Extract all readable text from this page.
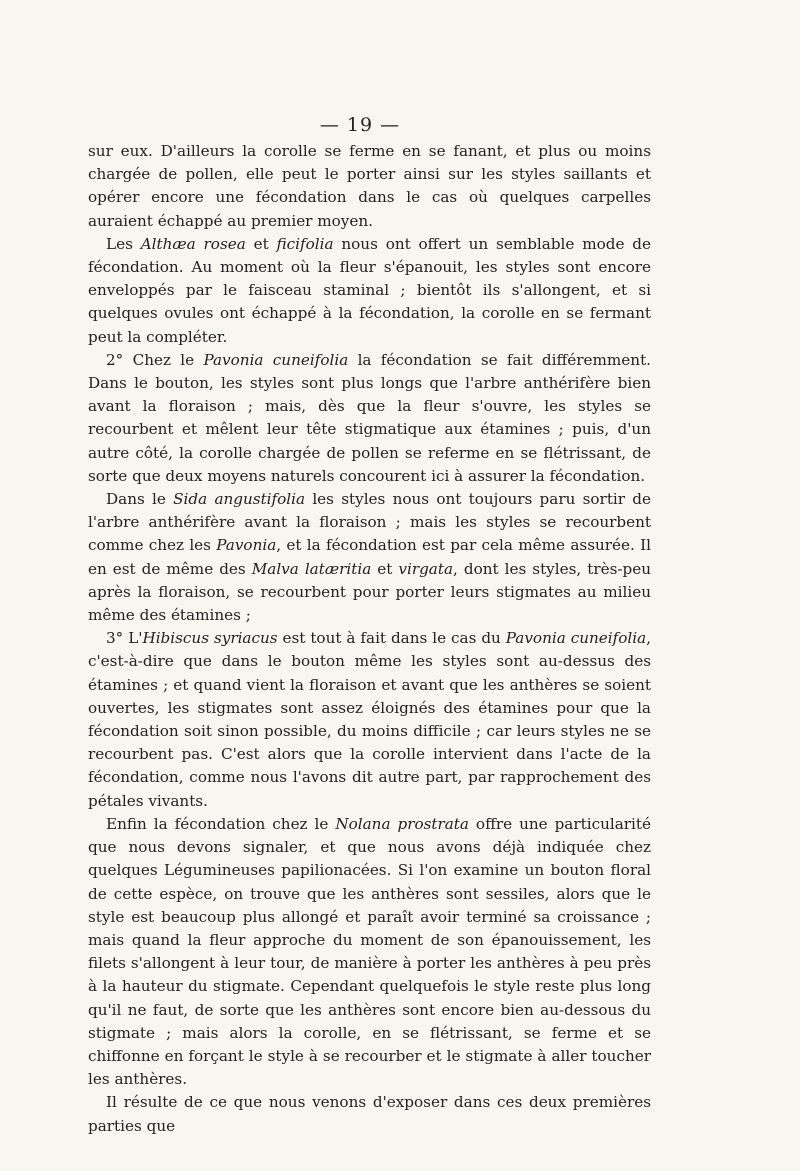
— 19 —

sur eux. D'ailleurs la corolle se ferme en se fanant, et plus ou moins chargée de pollen, elle peut le porter ainsi sur les styles saillants et opérer encore une fécondation dans le cas où quelques carpelles auraient échappé au premier moyen.

Les Althæa rosea et ficifolia nous ont offert un semblable mode de fécondation. Au moment où la fleur s'épanouit, les styles sont encore enveloppés par le faisceau staminal ; bientôt ils s'allongent, et si quelques ovules ont échappé à la fécondation, la corolle en se fermant peut la compléter.

2° Chez le Pavonia cuneifolia la fécondation se fait différemment. Dans le bouton, les styles sont plus longs que l'arbre anthérifère bien avant la floraison ; mais, dès que la fleur s'ouvre, les styles se recourbent et mêlent leur tête stigmatique aux étamines ; puis, d'un autre côté, la corolle chargée de pollen se referme en se flétrissant, de sorte que deux moyens naturels concourent ici à assurer la fécondation.

Dans le Sida angustifolia les styles nous ont toujours paru sortir de l'arbre anthérifère avant la floraison ; mais les styles se recourbent comme chez les Pavonia, et la fécondation est par cela même assurée. Il en est de même des Malva latæritia et virgata, dont les styles, très-peu après la floraison, se recourbent pour porter leurs stigmates au milieu même des étamines ;

3° L'Hibiscus syriacus est tout à fait dans le cas du Pavonia cuneifolia, c'est-à-dire que dans le bouton même les styles sont au-dessus des étamines ; et quand vient la floraison et avant que les anthères se soient ouvertes, les stigmates sont assez éloignés des étamines pour que la fécondation soit sinon possible, du moins difficile ; car leurs styles ne se recourbent pas. C'est alors que la corolle intervient dans l'acte de la fécondation, comme nous l'avons dit autre part, par rapprochement des pétales vivants.

Enfin la fécondation chez le Nolana prostrata offre une particularité que nous devons signaler, et que nous avons déjà indiquée chez quelques Légumineuses papilionacées. Si l'on examine un bouton floral de cette espèce, on trouve que les anthères sont sessiles, alors que le style est beaucoup plus allongé et paraît avoir terminé sa croissance ; mais quand la fleur approche du moment de son épanouissement, les filets s'allongent à leur tour, de manière à porter les anthères à peu près à la hauteur du stigmate. Cependant quelquefois le style reste plus long qu'il ne faut, de sorte que les anthères sont encore bien au-dessous du stigmate ; mais alors la corolle, en se flétrissant, se ferme et se chiffonne en forçant le style à se recourber et le stigmate à aller toucher les anthères.

Il résulte de ce que nous venons d'exposer dans ces deux premières parties que
